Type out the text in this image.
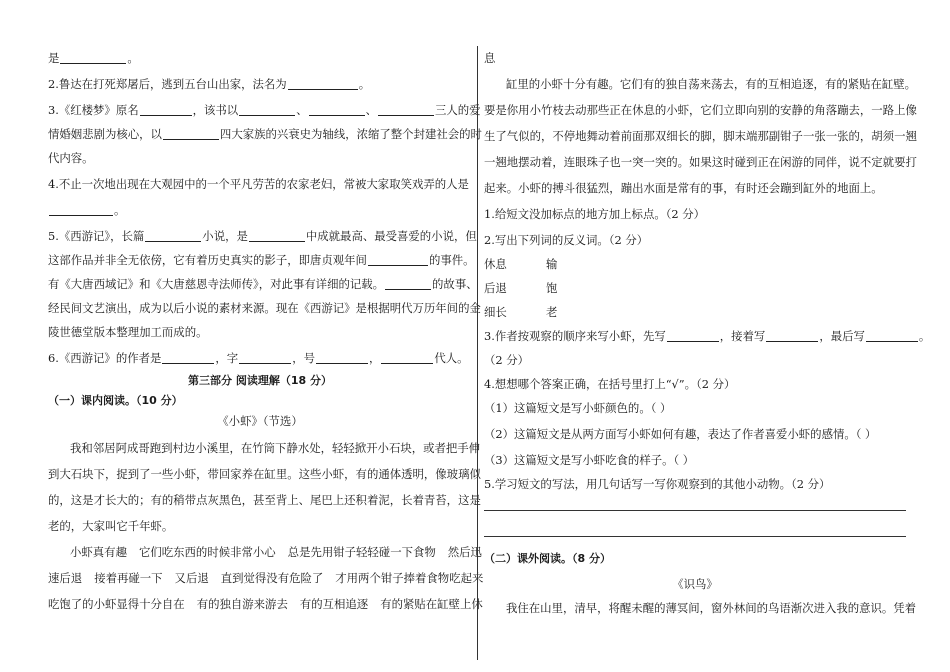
是	。
2.鲁达在打死郑屠后，逃到五台山出家，法名为	。
3.《红楼梦》原名	，该书以	、	、	三人的爱
情婚姻悲剧为核心，以	四大家族的兴衰史为轴线，浓缩了整个封建社会的时
代内容。
4.不止一次地出现在大观园中的一个平凡劳苦的农家老妇，常被大家取笑戏弄的人是
。
5.《西游记》，长篇	小说，是	中成就最高、最受喜爱的小说，但
这部作品并非全无依傍，它有着历史真实的影子，即唐贞观年间	的事件。
有《大唐西域记》和《大唐慈恩寺法师传》，对此事有详细的记载。	的故事、
经民间文艺演出，成为以后小说的素材来源。现在《西游记》是根据明代万历年间的金
陵世德堂版本整理加工而成的。
6.《西游记》的作者是	，字	，号	，	代人。
第三部分 阅读理解（18 分）
（一）课内阅读。（10 分）
《小虾》（节选）
我和邻居阿成哥跑到村边小溪里，在竹筒下静水处，轻轻掀开小石块，或者把手伸
到大石块下，捉到了一些小虾，带回家养在缸里。这些小虾，有的通体透明，像玻璃似
的，这是才长大的；有的稍带点灰黑色，甚至背上、尾巴上还积着泥，长着青苔，这是
老的，大家叫它千年虾。
小虾真有趣 它们吃东西的时候非常小心 总是先用钳子轻轻碰一下食物 然后迅
速后退 接着再碰一下 又后退 直到觉得没有危险了 才用两个钳子捧着食物吃起来
吃饱了的小虾显得十分自在 有的独自游来游去 有的互相追逐 有的紧贴在缸壁上休
息
缸里的小虾十分有趣。它们有的独自荡来荡去，有的互相追逐，有的紧贴在缸壁。
要是你用小竹枝去动那些正在休息的小虾，它们立即向别的安静的角落蹦去，一路上像
生了气似的，不停地舞动着前面那双细长的脚，脚末端那副钳子一张一张的，胡须一翘
一翘地摆动着，连眼珠子也一突一突的。如果这时碰到正在闲游的同伴，说不定就要打
起来。小虾的搏斗很猛烈，蹦出水面是常有的事，有时还会蹦到缸外的地面上。
1.给短文没加标点的地方加上标点。（2 分）
2.写出下列词的反义词。（2 分）
休息	输
后退	饱
细长	老
3.作者按观察的顺序来写小虾，先写	，接着写	，最后写	。
（2 分）
4.想想哪个答案正确，在括号里打上“√”。（2 分）
（1）这篇短文是写小虾颜色的。（ ）
（2）这篇短文是从两方面写小虾如何有趣，表达了作者喜爱小虾的感情。（ ）
（3）这篇短文是写小虾吃食的样子。（ ）
5.学习短文的写法，用几句话写一写你观察到的其他小动物。（2 分）
（二）课外阅读。（8 分）
《识鸟》
我住在山里，清早，将醒未醒的薄冥间，窗外林间的鸟语渐次进入我的意识。凭着
